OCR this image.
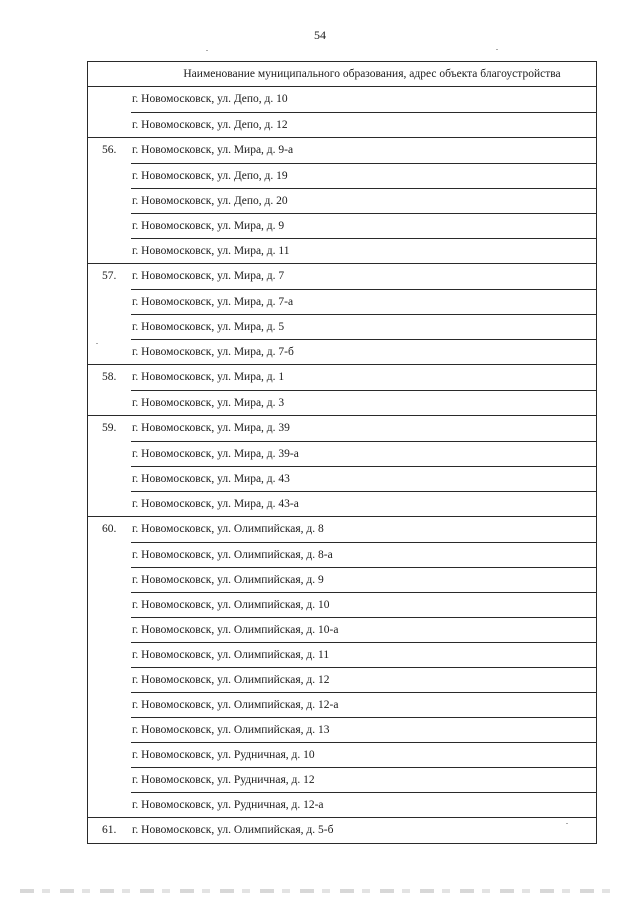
54
Наименование муниципального образования, адрес объекта благоустройства
г. Новомосковск, ул. Депо, д. 10
г. Новомосковск, ул. Депо, д. 12
56.	г. Новомосковск, ул. Мира, д. 9-а
г. Новомосковск, ул. Депо, д. 19
г. Новомосковск, ул. Депо, д. 20
г. Новомосковск, ул. Мира, д. 9
г. Новомосковск, ул. Мира, д. 11
57.	г. Новомосковск, ул. Мира, д. 7
г. Новомосковск, ул. Мира, д. 7-а
г. Новомосковск, ул. Мира, д. 5
г. Новомосковск, ул. Мира, д. 7-б
58.	г. Новомосковск, ул. Мира, д. 1
г. Новомосковск, ул. Мира, д. 3
59.	г. Новомосковск, ул. Мира, д. 39
г. Новомосковск, ул. Мира, д. 39-а
г. Новомосковск, ул. Мира, д. 43
г. Новомосковск, ул. Мира, д. 43-а
60.	г. Новомосковск, ул. Олимпийская, д. 8
г. Новомосковск, ул. Олимпийская, д. 8-а
г. Новомосковск, ул. Олимпийская, д. 9
г. Новомосковск, ул. Олимпийская, д. 10
г. Новомосковск, ул. Олимпийская, д. 10-а
г. Новомосковск, ул. Олимпийская, д. 11
г. Новомосковск, ул. Олимпийская, д. 12
г. Новомосковск, ул. Олимпийская, д. 12-а
г. Новомосковск, ул. Олимпийская, д. 13
г. Новомосковск, ул. Рудничная, д. 10
г. Новомосковск, ул. Рудничная, д. 12
г. Новомосковск, ул. Рудничная, д. 12-а
61.	г. Новомосковск, ул. Олимпийская, д. 5-б
